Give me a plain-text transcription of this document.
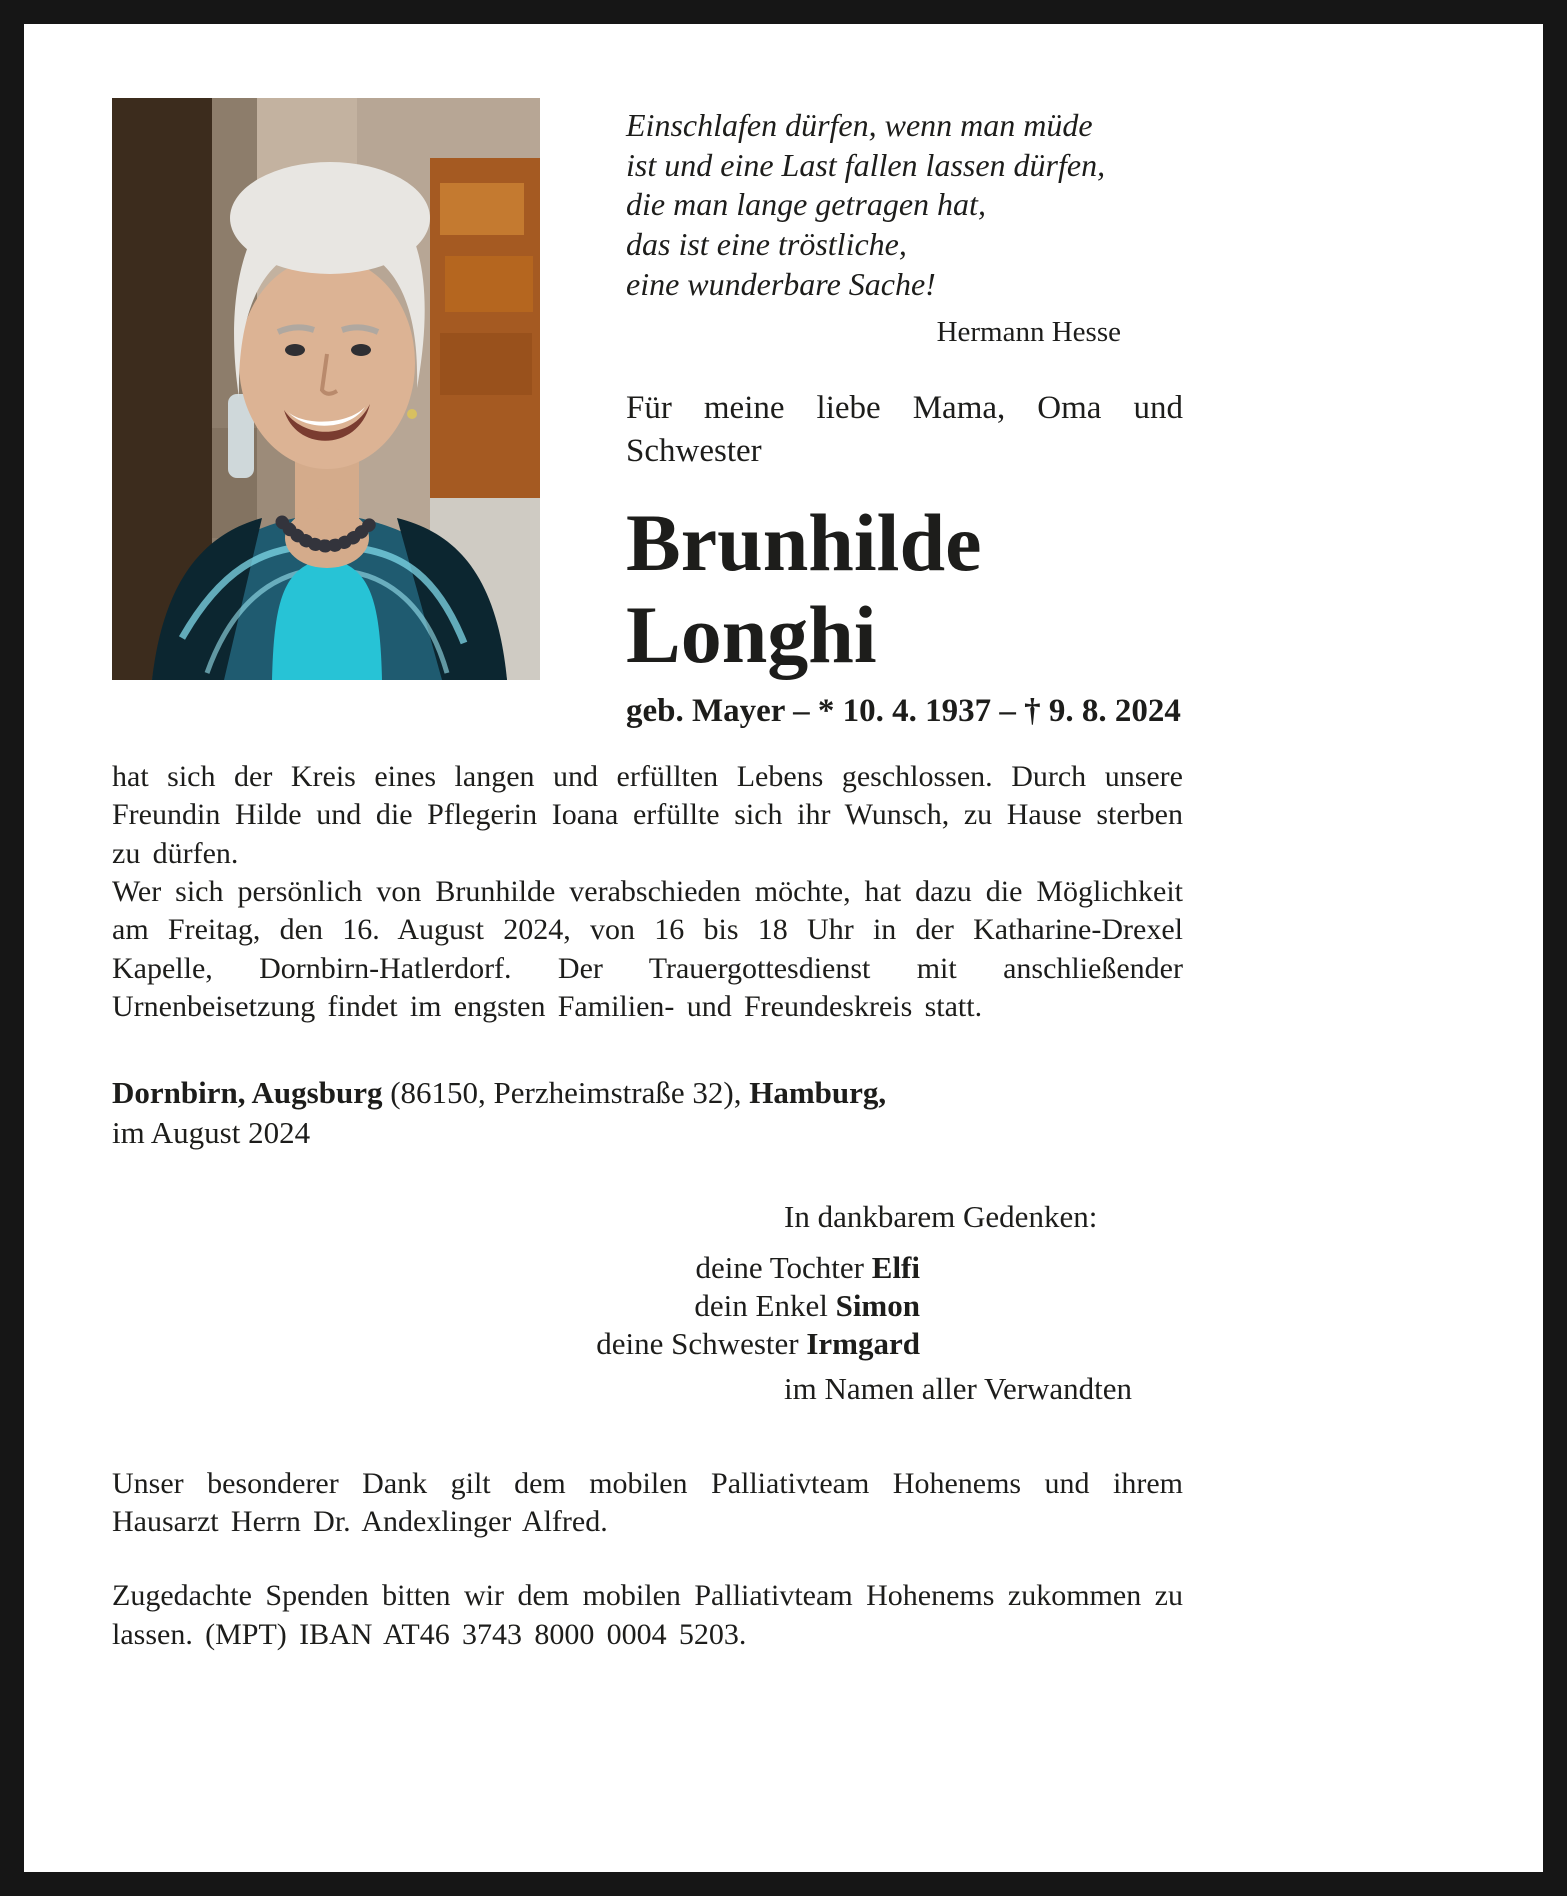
Einschlafen dürfen, wenn man müde
ist und eine Last fallen lassen dürfen,
die man lange getragen hat,
das ist eine tröstliche,
eine wunderbare Sache!
Hermann Hesse

Für meine liebe Mama, Oma und Schwester

Brunhilde
Longhi
geb. Mayer – * 10. 4. 1937 – † 9. 8. 2024

hat sich der Kreis eines langen und erfüllten Lebens geschlossen. Durch unsere Freundin Hilde und die Pflegerin Ioana erfüllte sich ihr Wunsch, zu Hause sterben zu dürfen.

Wer sich persönlich von Brunhilde verabschieden möchte, hat dazu die Möglichkeit am Freitag, den 16. August 2024, von 16 bis 18 Uhr in der Katharine-Drexel Kapelle, Dornbirn-Hatlerdorf. Der Trauergottesdienst mit anschließender Urnenbeisetzung findet im engsten Familien- und Freundeskreis statt.

Dornbirn, Augsburg (86150, Perzheimstraße 32), Hamburg,
im August 2024

In dankbarem Gedenken:
deine Tochter Elfi
dein Enkel Simon
deine Schwester Irmgard
im Namen aller Verwandten

Unser besonderer Dank gilt dem mobilen Palliativteam Hohenems und ihrem Hausarzt Herrn Dr. Andexlinger Alfred.

Zugedachte Spenden bitten wir dem mobilen Palliativteam Hohenems zukommen zu lassen. (MPT) IBAN AT46 3743 8000 0004 5203.
